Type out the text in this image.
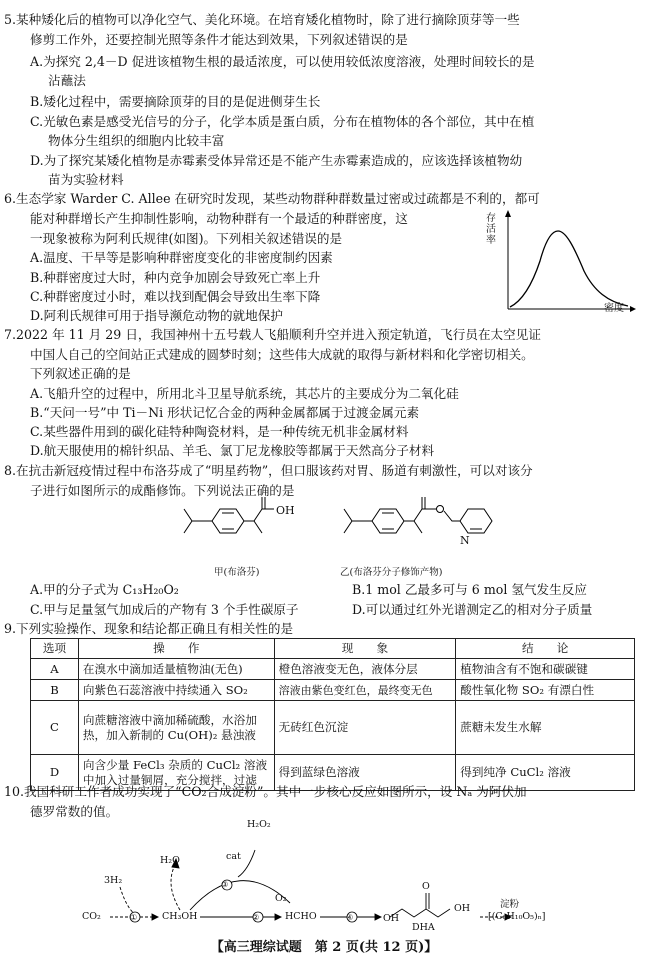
5.某种矮化后的植物可以净化空气、美化环境。在培育矮化植物时，除了进行摘除顶芽等一些
修剪工作外，还要控制光照等条件才能达到效果，下列叙述错误的是
A.为探究 2,4－D 促进该植物生根的最适浓度，可以使用较低浓度溶液，处理时间较长的是
沾蘸法
B.矮化过程中，需要摘除顶芽的目的是促进侧芽生长
C.光敏色素是感受光信号的分子，化学本质是蛋白质，分布在植物体的各个部位，其中在植
物体分生组织的细胞内比较丰富
D.为了探究某矮化植物是赤霉素受体异常还是不能产生赤霉素造成的，应该选择该植物幼
苗为实验材料
6.生态学家 Warder C. Allee 在研究时发现，某些动物群种群数量过密或过疏都是不利的，都可
能对种群增长产生抑制性影响，动物种群有一个最适的种群密度，这
一现象被称为阿利氏规律(如图)。下列相关叙述错误的是
A.温度、干旱等是影响种群密度变化的非密度制约因素
B.种群密度过大时，种内竞争加剧会导致死亡率上升
C.种群密度过小时，难以找到配偶会导致出生率下降
D.阿利氏规律可用于指导濒危动物的就地保护
存活率
密度
7.2022 年 11 月 29 日，我国神州十五号载人飞船顺利升空并进入预定轨道，飞行员在太空见证
中国人自己的空间站正式建成的圆梦时刻；这些伟大成就的取得与新材料和化学密切相关。
下列叙述正确的是
A.飞船升空的过程中，所用北斗卫星导航系统，其芯片的主要成分为二氧化硅
B.“天问一号”中 Ti－Ni 形状记忆合金的两种金属都属于过渡金属元素
C.某些器件用到的碳化硅特种陶瓷材料，是一种传统无机非金属材料
D.航天服使用的棉针织品、羊毛、氯丁尼龙橡胶等都属于天然高分子材料
8.在抗击新冠疫情过程中布洛芬成了“明星药物”，但口服该药对胃、肠道有刺激性，可以对该分
子进行如图所示的成酯修饰。下列说法正确的是
OH
甲(布洛芬)
N
乙(布洛芬分子修饰产物)
A.甲的分子式为 C₁₃H₂₀O₂	B.1 mol 乙最多可与 6 mol 氢气发生反应
C.甲与足量氢气加成后的产物有 3 个手性碳原子	D.可以通过红外光谱测定乙的相对分子质量
9.下列实验操作、现象和结论都正确且有相关性的是
选项	操　　作	现　　象	结　　论
A	在溴水中滴加适量植物油(无色)	橙色溶液变无色，液体分层	植物油含有不饱和碳碳键
B	向紫色石蕊溶液中持续通入 SO₂	溶液由紫色变红色，最终变无色	酸性氧化物 SO₂ 有漂白性
C	向蔗糖溶液中滴加稀硫酸，水浴加热，加入新制的 Cu(OH)₂ 悬浊液	无砖红色沉淀	蔗糖未发生水解
D	向含少量 FeCl₃ 杂质的 CuCl₂ 溶液中加入过量铜屑，充分搅拌，过滤	得到蓝绿色溶液	得到纯净 CuCl₂ 溶液
10.我国科研工作者成功实现了“CO₂合成淀粉”。其中一步核心反应如图所示，设 Nₐ 为阿伏加
德罗常数的值。
H₂O₂
cat
③
H₂O
O₂
3H₂
CO₂	①	CH₃OH	②	HCHO	④	OH
O
OH
DHA
淀粉
[(C₆H₁₀O₅)ₙ]
【高三理综试题　第 2 页(共 12 页)】
